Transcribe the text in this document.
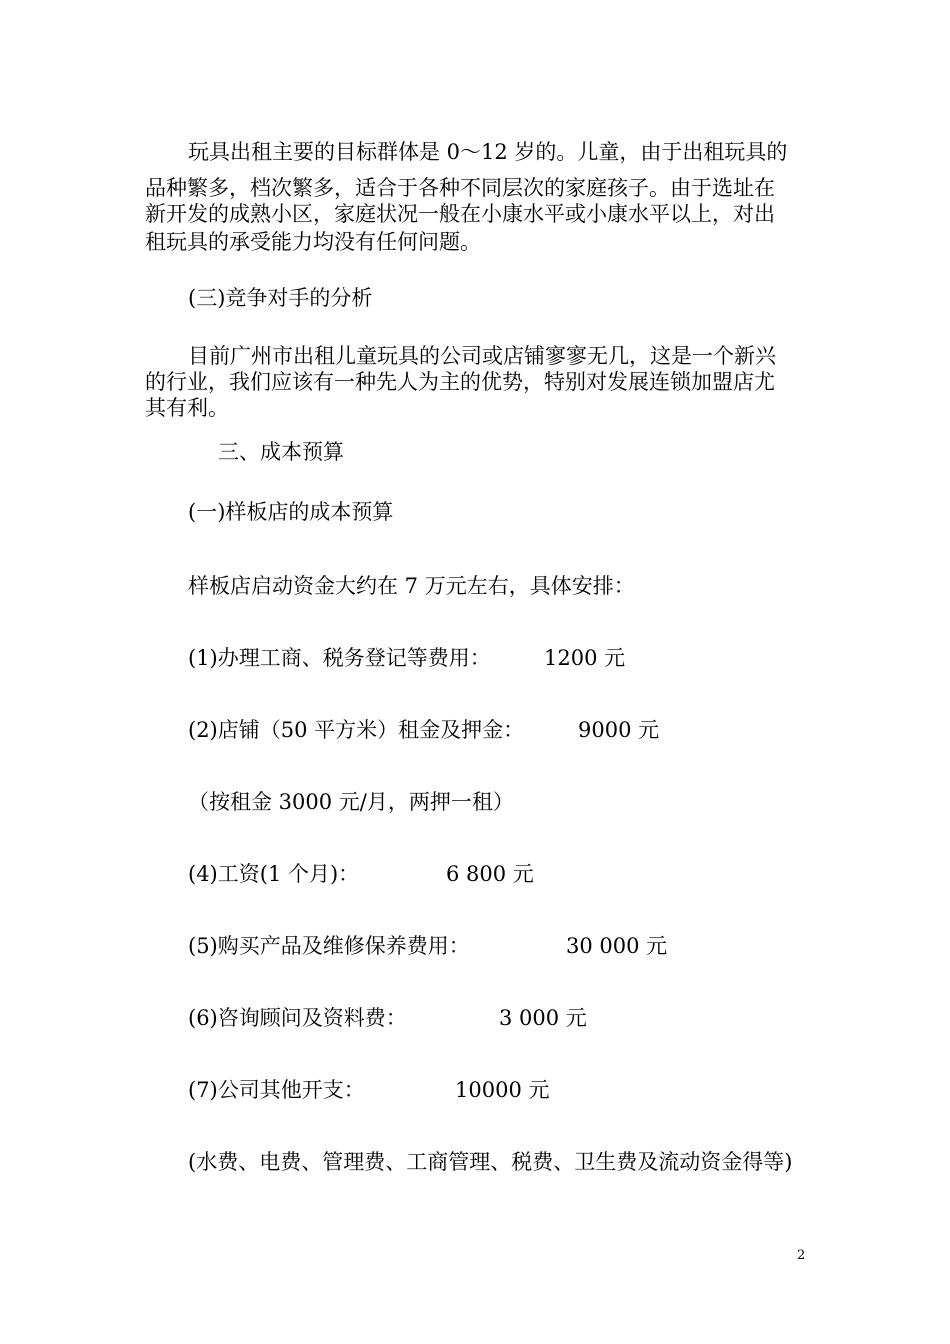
玩具出租主要的目标群体是 0～12 岁的。儿童，由于出租玩具的
品种繁多，档次繁多，适合于各种不同层次的家庭孩子。由于选址在
新开发的成熟小区，家庭状况一般在小康水平或小康水平以上，对出
租玩具的承受能力均没有任何问题。
(三)竞争对手的分析
目前广州市出租儿童玩具的公司或店铺寥寥无几，这是一个新兴
的行业，我们应该有一种先人为主的优势，特别对发展连锁加盟店尤
其有利。
三、成本预算
(一)样板店的成本预算
样板店启动资金大约在 7 万元左右，具体安排：
(1)办理工商、税务登记等费用：	1200 元
(2)店铺（50 平方米）租金及押金：	9000 元
（按租金 3000 元/月，两押一租）
(4)工资(1 个月)：	6 800 元
(5)购买产品及维修保养费用：	30 000 元
(6)咨询顾问及资料费：	3 000 元
(7)公司其他开支：	10000 元
(水费、电费、管理费、工商管理、税费、卫生费及流动资金得等)
2
